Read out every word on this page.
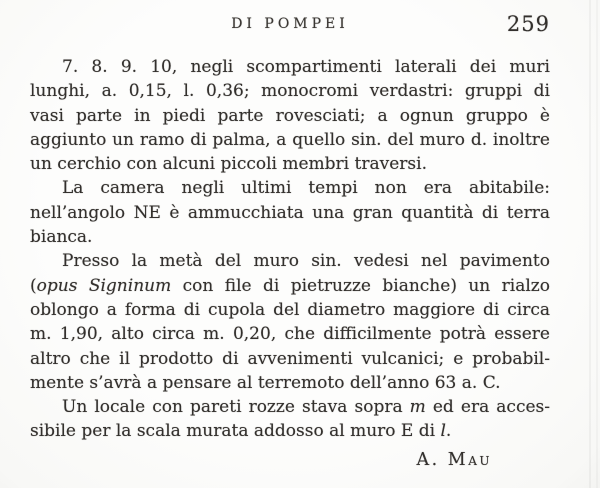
DI POMPEI	259
7. 8. 9. 10, negli scompartimenti laterali dei muri
lunghi, a. 0,15, l. 0,36; monocromi verdastri: gruppi di
vasi parte in piedi parte rovesciati; a ognun gruppo è
aggiunto un ramo di palma, a quello sin. del muro d. inoltre
un cerchio con alcuni piccoli membri traversi.
La camera negli ultimi tempi non era abitabile:
nell’angolo NE è ammucchiata una gran quantità di terra
bianca.
Presso la metà del muro sin. vedesi nel pavimento
(opus Signinum con file di pietruzze bianche) un rialzo
oblongo a forma di cupola del diametro maggiore di circa
m. 1,90, alto circa m. 0,20, che difficilmente potrà essere
altro che il prodotto di avvenimenti vulcanici; e probabil-
mente s’avrà a pensare al terremoto dell’anno 63 a. C.
Un locale con pareti rozze stava sopra m ed era acces-
sibile per la scala murata addosso al muro E di l.
A. Mau
